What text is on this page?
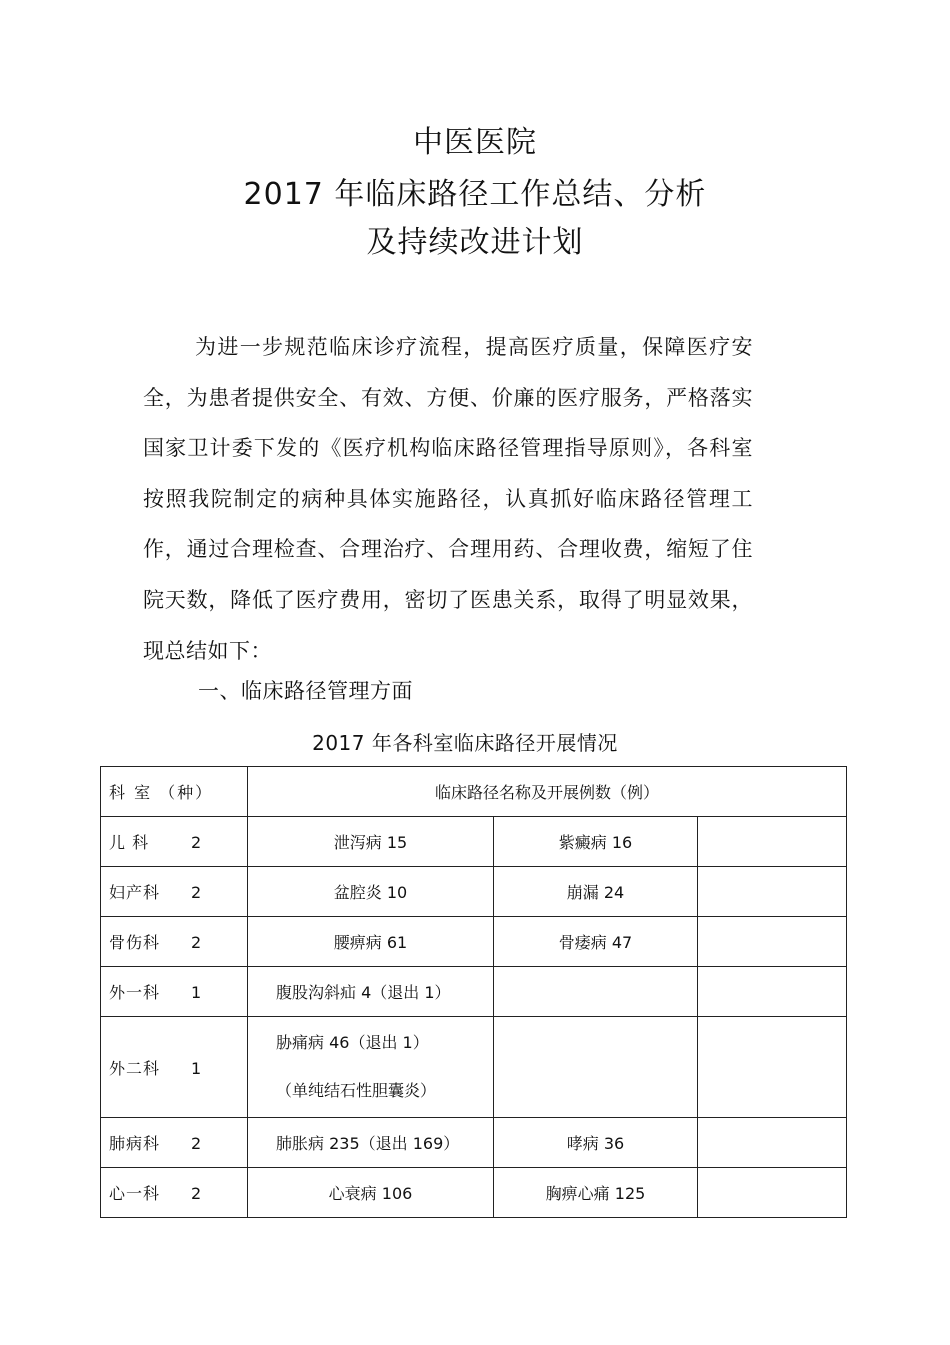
中医医院
2017 年临床路径工作总结、分析
及持续改进计划
为进一步规范临床诊疗流程，提高医疗质量，保障医疗安全，为患者提供安全、有效、方便、价廉的医疗服务，严格落实国家卫计委下发的《医疗机构临床路径管理指导原则》，各科室按照我院制定的病种具体实施路径，认真抓好临床路径管理工作，通过合理检查、合理治疗、合理用药、合理收费，缩短了住院天数，降低了医疗费用，密切了医患关系，取得了明显效果，现总结如下：
一、临床路径管理方面
2017 年各科室临床路径开展情况
科 室 （种）	临床路径名称及开展例数（例）		
儿 科 2	泄泻病 15	紫癜病 16	
妇产科 2	盆腔炎 10	崩漏 24	
骨伤科 2	腰痹病 61	骨痿病 47	
外一科 1	腹股沟斜疝 4（退出 1）		
外二科 1	胁痛病 46（退出 1）
（单纯结石性胆囊炎）		

肺病科 2	肺胀病 235（退出 169）	哮病 36	
心一科 2	心衰病 106	胸痹心痛 125	
